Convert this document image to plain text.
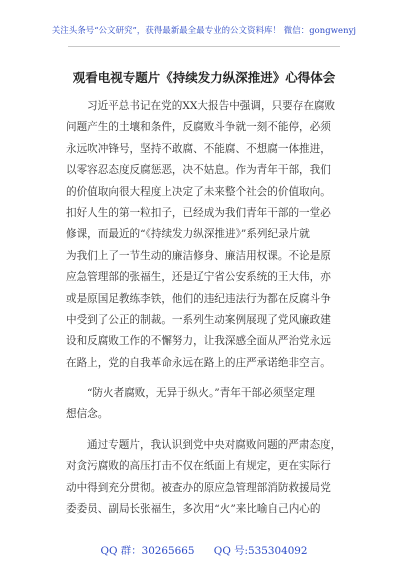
关注头条号“公文研究”，获得最新最全最专业的公文资料库！ 微信：gongwenyj
观看电视专题片《持续发力纵深推进》心得体会
习近平总书记在党的XX大报告中强调，只要存在腐败
问题产生的土壤和条件，反腐败斗争就一刻不能停，必须
永远吹冲锋号，坚持不敢腐、不能腐、不想腐一体推进，
以零容忍态度反腐惩恶，决不姑息。作为青年干部，我们
的价值取向很大程度上决定了未来整个社会的价值取向。
扣好人生的第一粒扣子，已经成为我们青年干部的一堂必
修课，而最近的“《持续发力纵深推进》”系列纪录片就
为我们上了一节生动的廉洁修身、廉洁用权课。不论是原
应急管理部的张福生，还是辽宁省公安系统的王大伟，亦
或是原国足教练李铁，他们的违纪违法行为都在反腐斗争
中受到了公正的制裁。一系列生动案例展现了党风廉政建
设和反腐败工作的不懈努力，让我深感全面从严治党永远
在路上，党的自我革命永远在路上的庄严承诺绝非空言。
“防火者腐败，无异于纵火。”青年干部必须坚定理
想信念。
通过专题片，我认识到党中央对腐败问题的严肃态度，
对贪污腐败的高压打击不仅在纸面上有规定，更在实际行
动中得到充分贯彻。被查办的原应急管理部消防救援局党
委委员、副局长张福生，多次用“火”来比喻自己内心的
QQ 群：30265665 QQ 号:535304092
